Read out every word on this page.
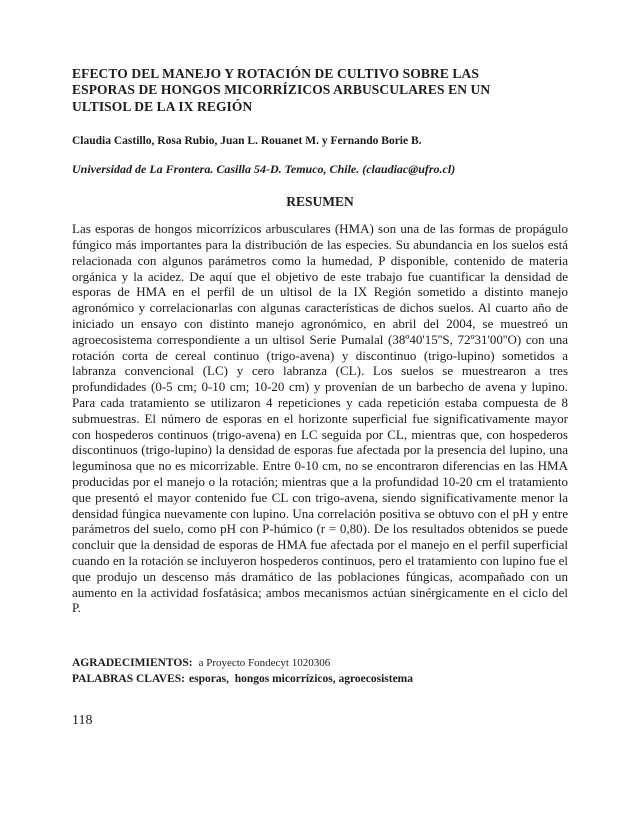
EFECTO DEL MANEJO Y ROTACIÓN DE CULTIVO SOBRE LAS ESPORAS DE HONGOS MICORRÍZICOS ARBUSCULARES EN UN ULTISOL DE LA IX REGIÓN

Claudia Castillo, Rosa Rubio, Juan L. Rouanet M. y Fernando Borie B.

Universidad de La Frontera. Casilla 54-D. Temuco, Chile. (claudiac@ufro.cl)

RESUMEN

Las esporas de hongos micorrízicos arbusculares (HMA) son una de las formas de propágulo fúngico más importantes para la distribución de las especies. Su abundancia en los suelos está relacionada con algunos parámetros como la humedad, P disponible, contenido de materia orgánica y la acidez. De aquí que el objetivo de este trabajo fue cuantificar la densidad de esporas de HMA en el perfil de un ultisol de la IX Región sometido a distinto manejo agronómico y correlacionarlas con algunas características de dichos suelos. Al cuarto año de iniciado un ensayo con distinto manejo agronómico, en abril del 2004, se muestreó un agroecosistema correspondiente a un ultisol Serie Pumalal (38º40'15''S, 72º31'00''O) con una rotación corta de cereal continuo (trigo-avena) y discontinuo (trigo-lupino) sometidos a labranza convencional (LC) y cero labranza (CL). Los suelos se muestrearon a tres profundidades (0-5 cm; 0-10 cm; 10-20 cm) y provenían de un barbecho de avena y lupino. Para cada tratamiento se utilizaron 4 repeticiones y cada repetición estaba compuesta de 8 submuestras. El número de esporas en el horizonte superficial fue significativamente mayor con hospederos continuos (trigo-avena) en LC seguida por CL, mientras que, con hospederos discontinuos (trigo-lupino) la densidad de esporas fue afectada por la presencia del lupino, una leguminosa que no es micorrizable. Entre 0-10 cm, no se encontraron diferencias en las HMA producidas por el manejo o la rotación; mientras que a la profundidad 10-20 cm el tratamiento que presentó el mayor contenido fue CL con trigo-avena, siendo significativamente menor la densidad fúngica nuevamente con lupino. Una correlación positiva se obtuvo con el pH y entre parámetros del suelo, como pH con P-húmico (r = 0,80). De los resultados obtenidos se puede concluir que la densidad de esporas de HMA fue afectada por el manejo en el perfil superficial cuando en la rotación se incluyeron hospederos continuos, pero el tratamiento con lupino fue el que produjo un descenso más dramático de las poblaciones fúngicas, acompañado con un aumento en la actividad fosfatásica; ambos mecanismos actúan sinérgicamente en el ciclo del P.

AGRADECIMIENTOS: a Proyecto Fondecyt 1020306

PALABRAS CLAVES: esporas,  hongos micorrízicos, agroecosistema

118
